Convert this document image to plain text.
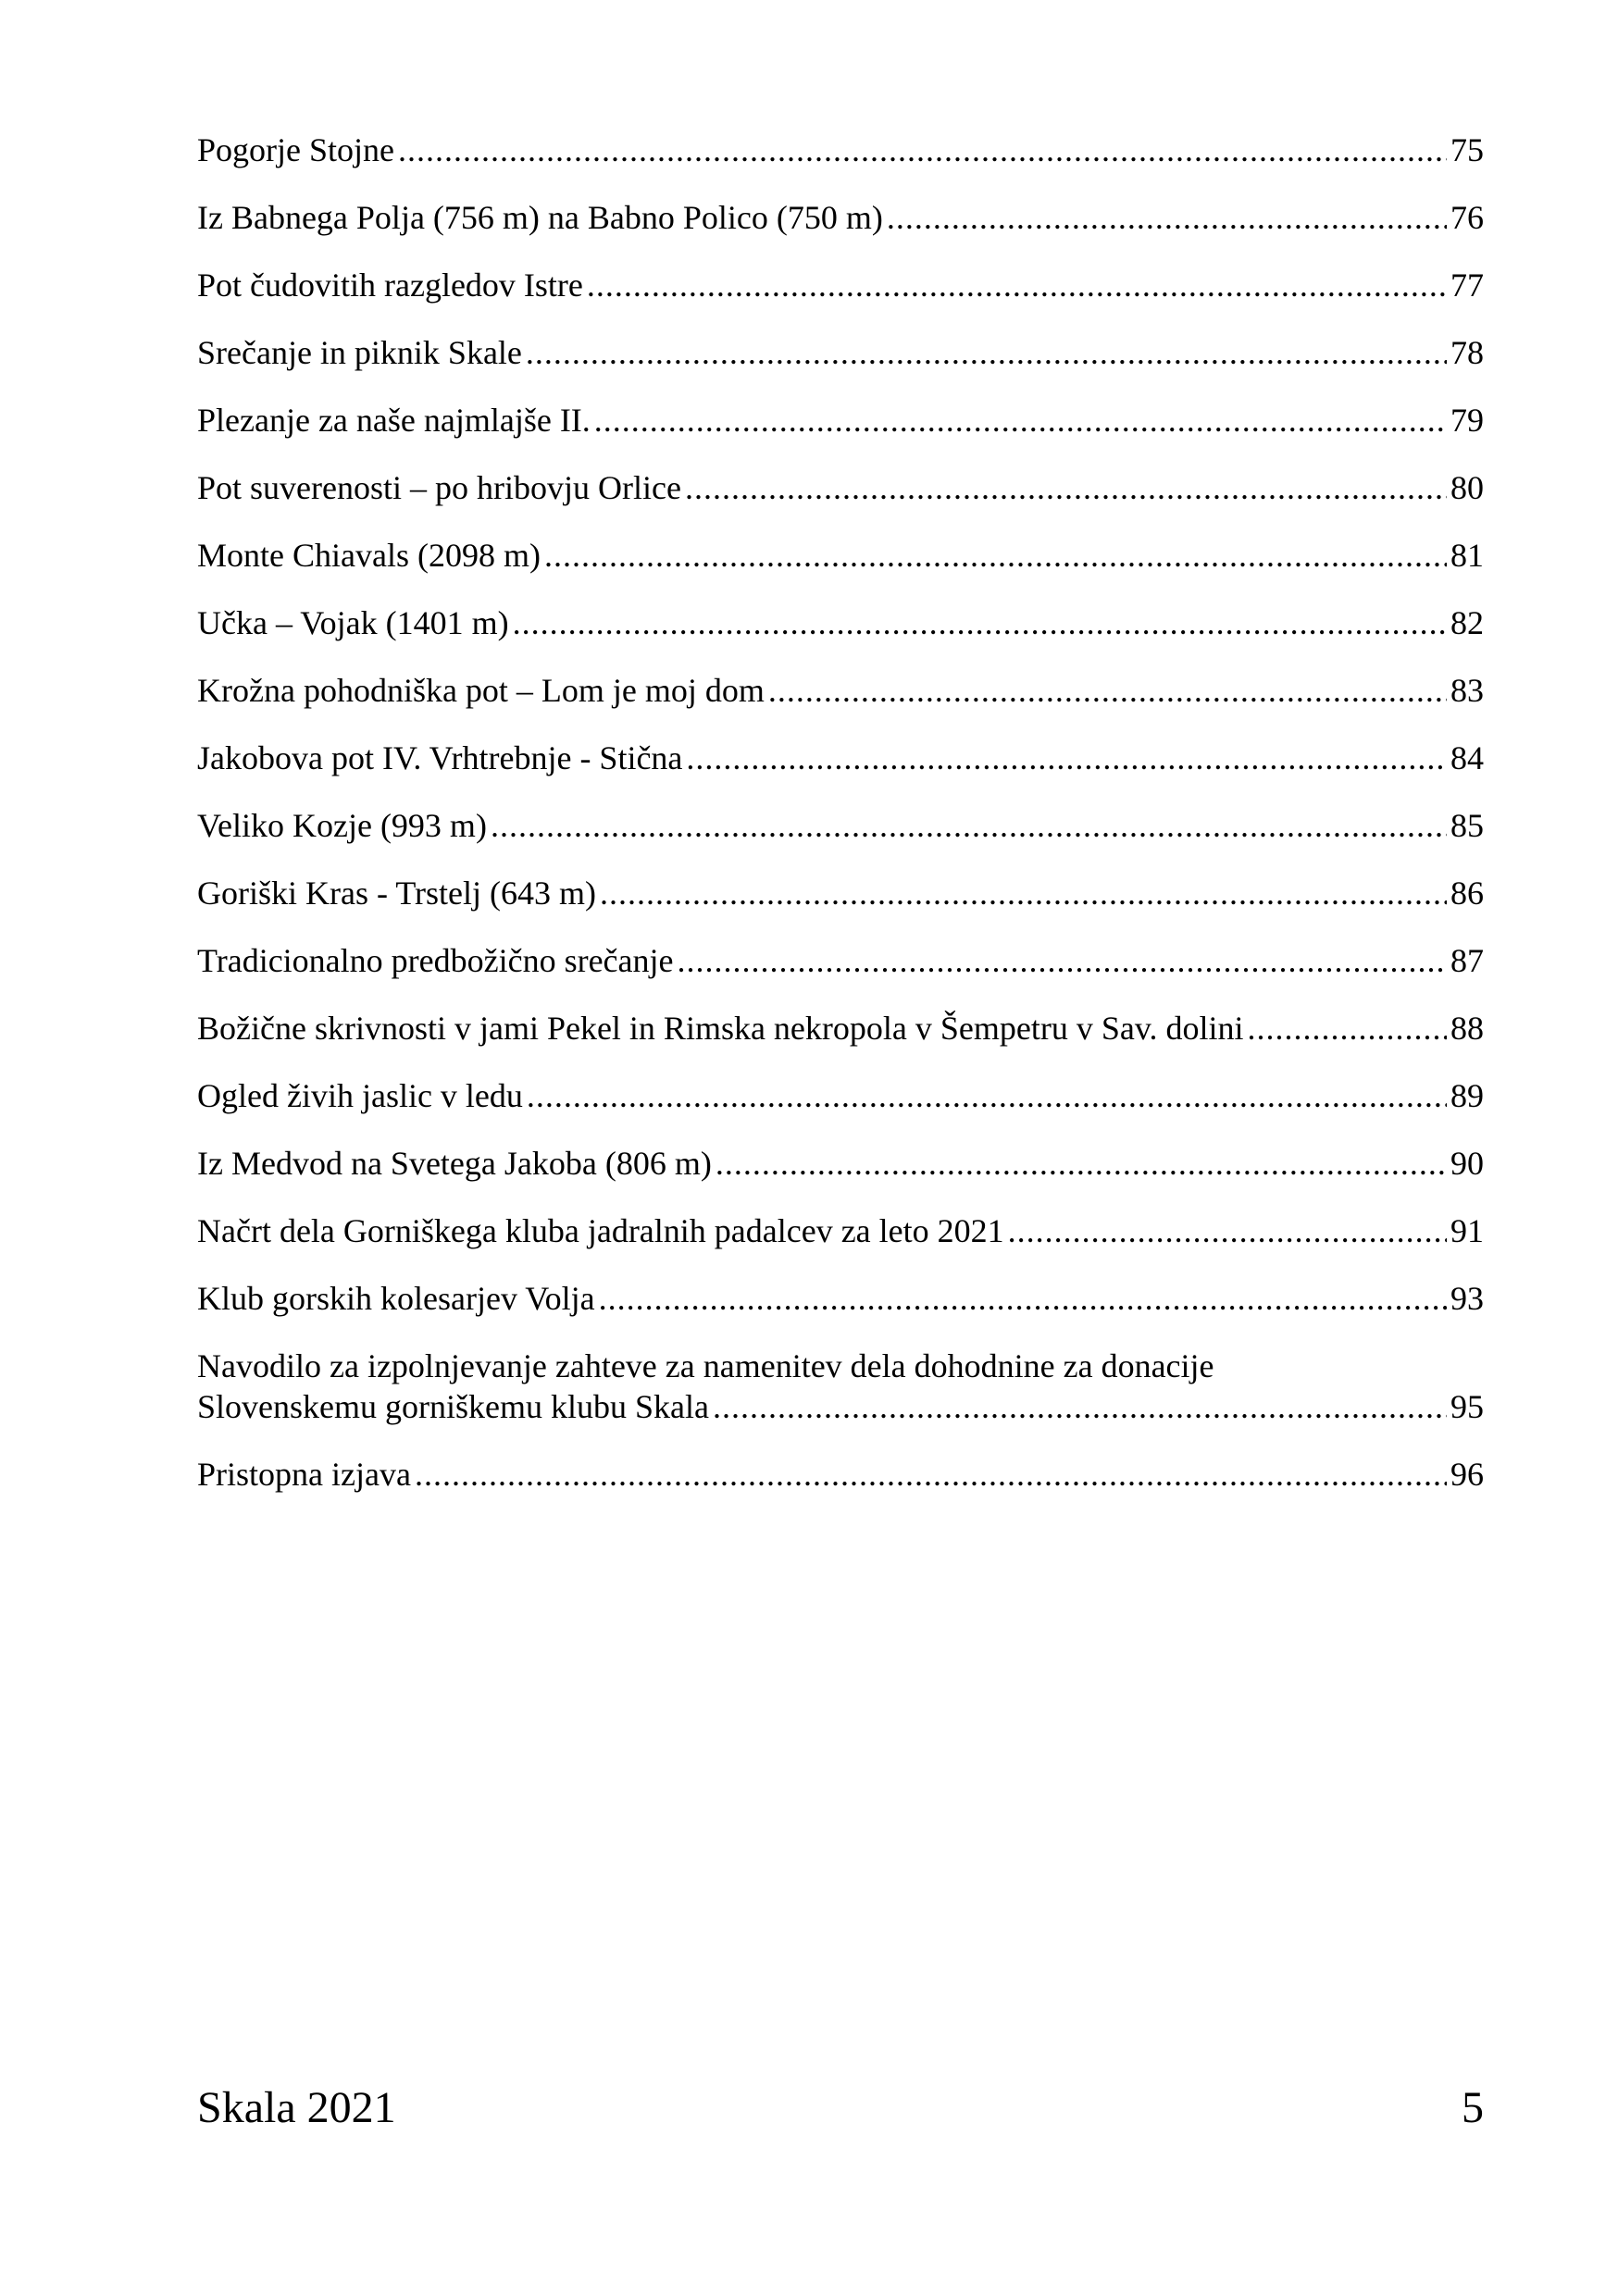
Pogorje Stojne .....	75
Iz Babnega Polja (756 m) na Babno Polico (750 m) .....	76
Pot čudovitih razgledov Istre .....	77
Srečanje in piknik Skale .....	78
Plezanje za naše najmlajše II. .....	79
Pot suverenosti – po hribovju Orlice .....	80
Monte Chiavals (2098 m) .....	81
Učka – Vojak (1401 m) .....	82
Krožna pohodniška pot – Lom je moj dom .....	83
Jakobova pot IV. Vrhtrebnje - Stična .....	84
Veliko Kozje (993 m) .....	85
Goriški Kras - Trstelj (643 m) .....	86
Tradicionalno predbožično srečanje .....	87
Božične skrivnosti v jami Pekel in Rimska nekropola v Šempetru v Sav. dolini .....	88
Ogled živih jaslic v ledu .....	89
Iz Medvod na Svetega Jakoba (806 m) .....	90
Načrt dela Gorniškega kluba jadralnih padalcev za leto 2021 .....	91
Klub gorskih kolesarjev Volja .....	93
Navodilo za izpolnjevanje zahteve za namenitev dela dohodnine za donacije
Slovenskemu gorniškemu klubu Skala .....	95
Pristopna izjava .....	96
Skala 2021	5
